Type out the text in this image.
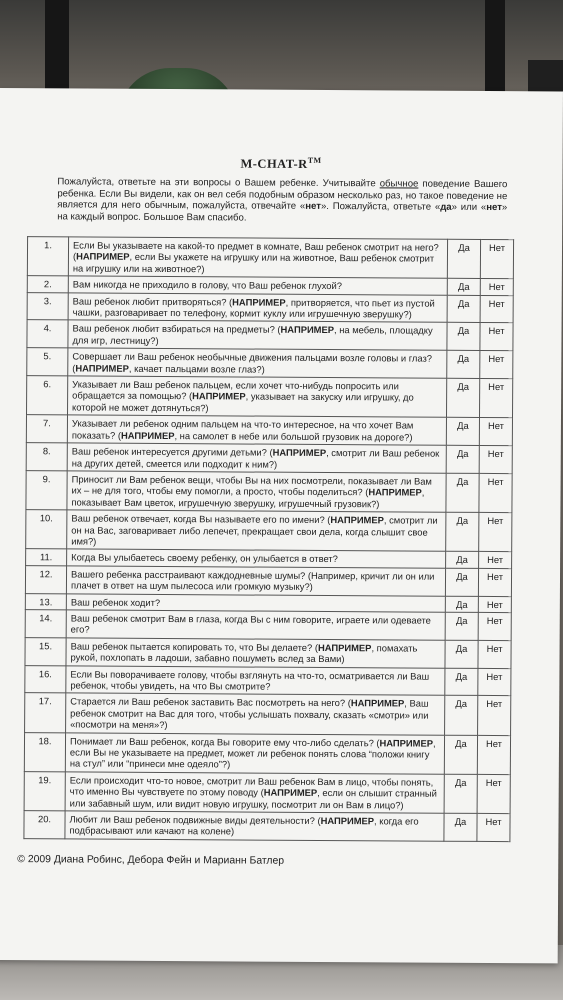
M-CHAT-R™
Пожалуйста, ответьте на эти вопросы о Вашем ребенке. Учитывайте обычное поведение Вашего ребенка. Если Вы видели, как он вел себя подобным образом несколько раз, но такое поведение не является для него обычным, пожалуйста, отвечайте «нет». Пожалуйста, ответьте «да» или «нет» на каждый вопрос. Большое Вам спасибо.
1.	Если Вы указываете на какой-то предмет в комнате, Ваш ребенок смотрит на него? (НАПРИМЕР, если Вы укажете на игрушку или на животное, Ваш ребенок смотрит на игрушку или на животное?)	Да	Нет
2.	Вам никогда не приходило в голову, что Ваш ребенок глухой?	Да	Нет
3.	Ваш ребенок любит притворяться? (НАПРИМЕР, притворяется, что пьет из пустой чашки, разговаривает по телефону, кормит куклу или игрушечную зверушку?)	Да	Нет
4.	Ваш ребенок любит взбираться на предметы? (НАПРИМЕР, на мебель, площадку для игр, лестницу?)	Да	Нет
5.	Совершает ли Ваш ребенок необычные движения пальцами возле головы и глаз? (НАПРИМЕР, качает пальцами возле глаз?)	Да	Нет
6.	Указывает ли Ваш ребенок пальцем, если хочет что-нибудь попросить или обращается за помощью? (НАПРИМЕР, указывает на закуску или игрушку, до которой не может дотянуться?)	Да	Нет
7.	Указывает ли ребенок одним пальцем на что-то интересное, на что хочет Вам показать? (НАПРИМЕР, на самолет в небе или большой грузовик на дороге?)	Да	Нет
8.	Ваш ребенок интересуется другими детьми? (НАПРИМЕР, смотрит ли Ваш ребенок на других детей, смеется или подходит к ним?)	Да	Нет
9.	Приносит ли Вам ребенок вещи, чтобы Вы на них посмотрели, показывает ли Вам их – не для того, чтобы ему помогли, а просто, чтобы поделиться? (НАПРИМЕР, показывает Вам цветок, игрушечную зверушку, игрушечный грузовик?)	Да	Нет
10.	Ваш ребенок отвечает, когда Вы называете его по имени? (НАПРИМЕР, смотрит ли он на Вас, заговаривает либо лепечет, прекращает свои дела, когда слышит свое имя?)	Да	Нет
11.	Когда Вы улыбаетесь своему ребенку, он улыбается в ответ?	Да	Нет
12.	Вашего ребенка расстраивают каждодневные шумы? (Например, кричит ли он или плачет в ответ на шум пылесоса или громкую музыку?)	Да	Нет
13.	Ваш ребенок ходит?	Да	Нет
14.	Ваш ребенок смотрит Вам в глаза, когда Вы с ним говорите, играете или одеваете его?	Да	Нет
15.	Ваш ребенок пытается копировать то, что Вы делаете? (НАПРИМЕР, помахать рукой, похлопать в ладоши, забавно пошуметь вслед за Вами)	Да	Нет
16.	Если Вы поворачиваете голову, чтобы взглянуть на что-то, осматривается ли Ваш ребенок, чтобы увидеть, на что Вы смотрите?	Да	Нет
17.	Старается ли Ваш ребенок заставить Вас посмотреть на него? (НАПРИМЕР, Ваш ребенок смотрит на Вас для того, чтобы услышать похвалу, сказать «смотри» или «посмотри на меня»?)	Да	Нет
18.	Понимает ли Ваш ребенок, когда Вы говорите ему что-либо сделать? (НАПРИМЕР, если Вы не указываете на предмет, может ли ребенок понять слова “положи книгу на стул” или “принеси мне одеяло”?)	Да	Нет
19.	Если происходит что-то новое, смотрит ли Ваш ребенок Вам в лицо, чтобы понять, что именно Вы чувствуете по этому поводу (НАПРИМЕР, если он слышит странный или забавный шум, или видит новую игрушку, посмотрит ли он Вам в лицо?)	Да	Нет
20.	Любит ли Ваш ребенок подвижные виды деятельности? (НАПРИМЕР, когда его подбрасывают или качают на колене)	Да	Нет
© 2009 Диана Робинс, Дебора Фейн и Марианн Батлер
